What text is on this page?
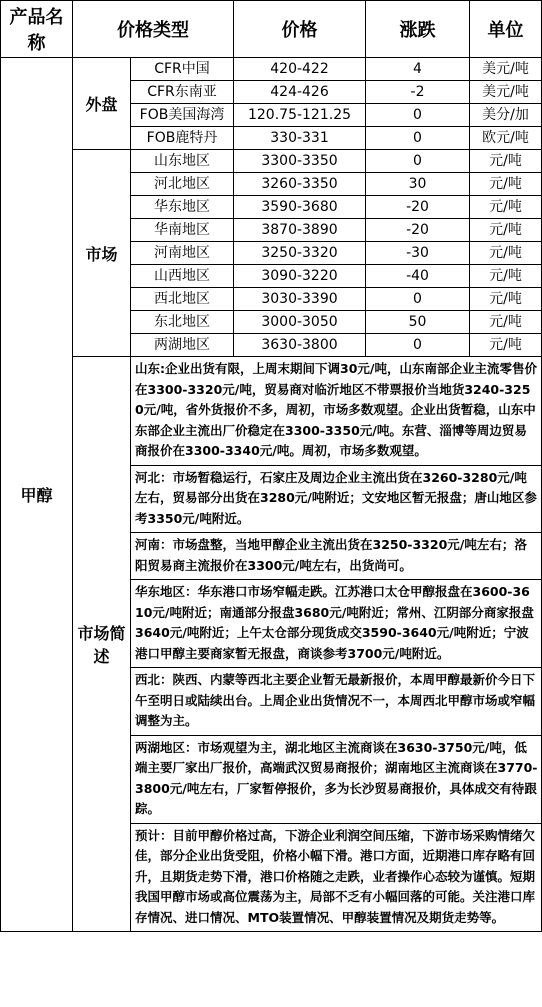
产品名称	价格类型		价格	涨跌	单位
甲醇	外盘	CFR中国	420-422	4	美元/吨
		CFR东南亚	424-426	-2	美元/吨
		FOB美国海湾	120.75-121.25	0	美分/加
		FOB鹿特丹	330-331	0	欧元/吨
	市场	山东地区	3300-3350	0	元/吨
		河北地区	3260-3350	30	元/吨
		华东地区	3590-3680	-20	元/吨
		华南地区	3870-3890	-20	元/吨
		河南地区	3250-3320	-30	元/吨
		山西地区	3090-3220	-40	元/吨
		西北地区	3030-3390	0	元/吨
		东北地区	3000-3050	50	元/吨
		两湖地区	3630-3800	0	元/吨
	市场简述	山东:企业出货有限，上周末期间下调30元/吨，山东南部企业主流零售价在3300-3320元/吨，贸易商对临沂地区不带票报价当地货3240-3250元/吨，省外货报价不多，周初，市场多数观望。企业出货暂稳，山东中东部企业主流出厂价稳定在3300-3350元/吨。东营、淄博等周边贸易商报价在3300-3340元/吨。周初，市场多数观望。			
		河北：市场暂稳运行，石家庄及周边企业主流出货在3260-3280元/吨左右，贸易部分出货在3280元/吨附近；文安地区暂无报盘；唐山地区参考3350元/吨附近。			
		河南：市场盘整，当地甲醇企业主流出货在3250-3320元/吨左右；洛阳贸易商主流报价在3300元/吨左右，出货尚可。			
		华东地区：华东港口市场窄幅走跌。江苏港口太仓甲醇报盘在3600-3610元/吨附近；南通部分报盘3680元/吨附近；常州、江阴部分商家报盘3640元/吨附近；上午太仓部分现货成交3590-3640元/吨附近；宁波港口甲醇主要商家暂无报盘，商谈参考3700元/吨附近。			
		西北：陕西、内蒙等西北主要企业暂无最新报价，本周甲醇最新价今日下午至明日或陆续出台。上周企业出货情况不一，本周西北甲醇市场或窄幅调整为主。			
		两湖地区：市场观望为主，湖北地区主流商谈在3630-3750元/吨，低端主要厂家出厂报价，高端武汉贸易商报价；湖南地区主流商谈在3770-3800元/吨左右，厂家暂停报价，多为长沙贸易商报价，具体成交有待跟踪。			
		预计：目前甲醇价格过高，下游企业利润空间压缩，下游市场采购情绪欠佳，部分企业出货受阻，价格小幅下滑。港口方面，近期港口库存略有回升，且期货走势下滑，港口价格随之走跌，业者操作心态较为谨慎。短期我国甲醇市场或高位震荡为主，局部不乏有小幅回落的可能。关注港口库存情况、进口情况、MTO装置情况、甲醇装置情况及期货走势等。			
